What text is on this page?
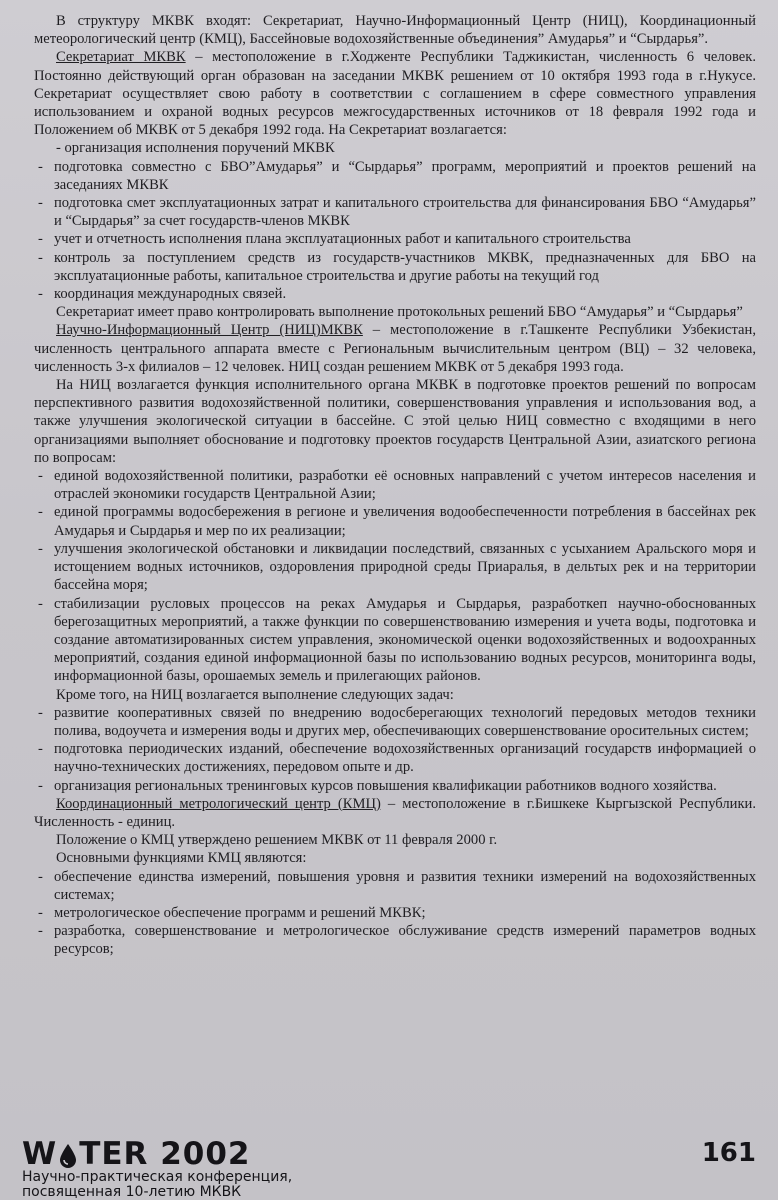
В структуру МКВК входят: Секретариат, Научно-Информационный Центр (НИЦ), Координационный метеорологический центр (КМЦ), Бассейновые водохозяйственные объединения” Амударья” и “Сырдарья”.

Секретариат МКВК – местоположение в г.Ходженте Республики Таджикистан, численность 6 человек. Постоянно действующий орган образован на заседании МКВК решением от 10 октября 1993 года в г.Нукусе. Секретариат осуществляет свою работу в соответствии с соглашением в сфере совместного управления использованием и охраной водных ресурсов межгосударственных источников от 18 февраля 1992 года и Положением об МКВК от 5 декабря 1992 года. На Секретариат возлагается:

- организация исполнения поручений МКВК

- подготовка совместно с БВО”Амударья” и “Сырдарья” программ, мероприятий и проектов решений на заседаниях МКВК

- подготовка смет эксплуатационных затрат и капитального строительства для финансирования БВО “Амударья” и “Сырдарья” за счет государств-членов МКВК

- учет и отчетность исполнения плана эксплуатационных работ и капитального строительства

- контроль за поступлением средств из государств-участников МКВК, предназначенных для БВО на эксплуатационные работы, капитальное строительства и другие работы на текущий год

- координация международных связей.

Секретариат имеет право контролировать выполнение протокольных решений БВО “Амударья” и “Сырдарья”

Научно-Информационный Центр (НИЦ)МКВК – местоположение в г.Ташкенте Республики Узбекистан, численность центрального аппарата вместе с Региональным вычислительным центром (ВЦ) – 32 человека, численность 3-х филиалов – 12 человек. НИЦ создан решением МКВК от 5 декабря 1993 года.

На НИЦ возлагается функция исполнительного органа МКВК в подготовке проектов решений по вопросам перспективного развития водохозяйственной политики, совершенствования управления и использования вод, а также улучшения экологической ситуации в бассейне. С этой целью НИЦ совместно с входящими в него организациями выполняет обоснование и подготовку проектов государств Центральной Азии, азиатского региона по вопросам:

- единой водохозяйственной политики, разработки её основных направлений с учетом интересов населения и отраслей экономики государств Центральной Азии;

- единой программы водосбережения в регионе и увеличения водообеспеченности потребления в бассейнах рек Амударья и Сырдарья и мер по их реализации;

- улучшения экологической обстановки и ликвидации последствий, связанных с усыханием Аральского моря и истощением водных источников, оздоровления природной среды Приаралья, в дельтых рек и на территории бассейна моря;

- стабилизации русловых процессов на реках Амударья и Сырдарья, разработкеп научно-обоснованных берегозащитных мероприятий, а также функции по совершенствованию измерения и учета воды, подготовка и создание автоматизированных систем управления, экономической оценки водохозяйственных и водоохранных мероприятий, создания единой информационной базы по использованию водных ресурсов, мониторинга воды, информационной базы, орошаемых земель и прилегающих районов.

Кроме того, на НИЦ возлагается выполнение следующих задач:

- развитие кооперативных связей по внедрению водосберегающих технологий передовых методов техники полива, водоучета и измерения воды и других мер, обеспечивающих совершенствование оросительных систем;

- подготовка периодических изданий, обеспечение водохозяйственных организаций государств информацией о научно-технических достижениях, передовом опыте и др.

- организация региональных тренинговых курсов повышения квалификации работников водного хозяйства.

Координационный метрологический центр (КМЦ) – местоположение в г.Бишкеке Кыргызской Республики. Численность - единиц.

Положение о КМЦ утверждено решением МКВК от 11 февраля 2000 г.

Основными функциями КМЦ являются:

- обеспечение единства измерений, повышения уровня и развития техники измерений на водохозяйственных системах;

- метрологическое обеспечение программ и решений МКВК;

- разработка, совершенствование и метрологическое обслуживание средств измерений параметров водных ресурсов;

W TER 2002
Научно-практическая конференция,
посвященная 10-летию МКВК
161
